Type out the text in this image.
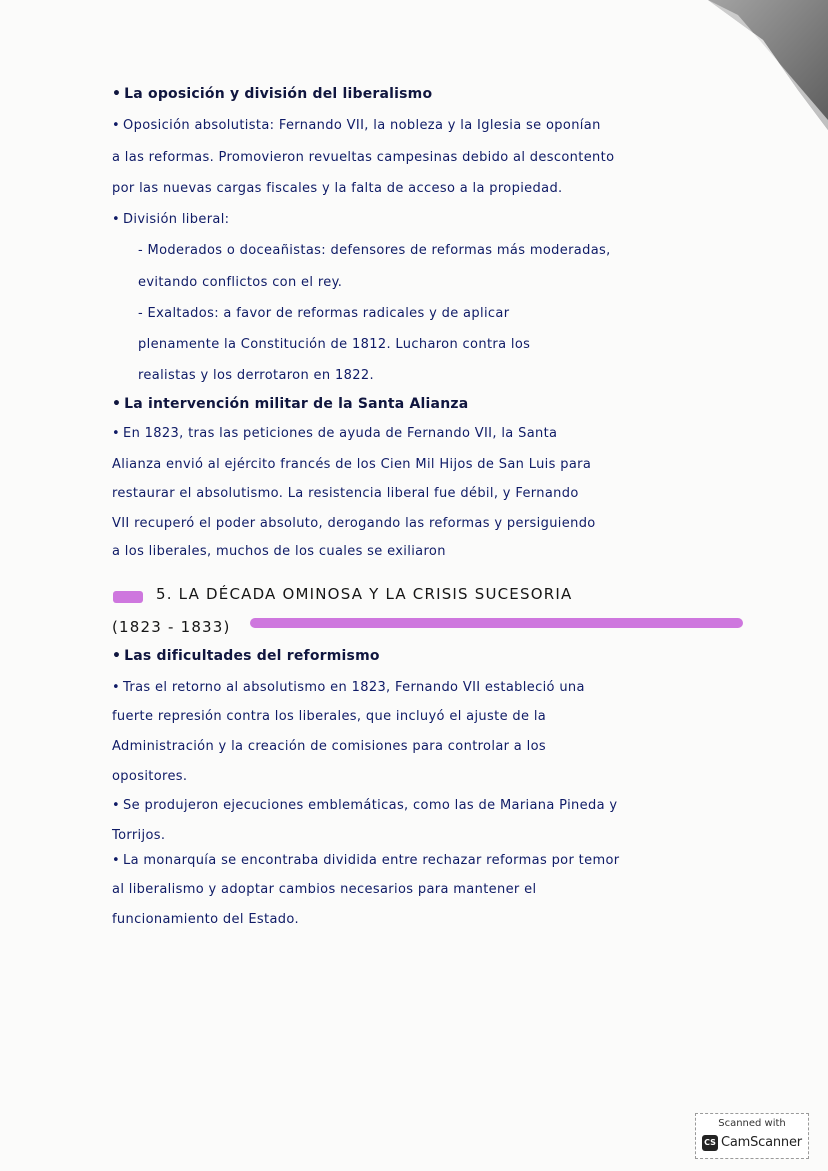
• La oposición y división del liberalismo
• Oposición absolutista: Fernando VII, la nobleza y la Iglesia se oponían
a las reformas. Promovieron revueltas campesinas debido al descontento
por las nuevas cargas fiscales y la falta de acceso a la propiedad.
• División liberal:
- Moderados o doceañistas: defensores de reformas más moderadas,
evitando conflictos con el rey.
- Exaltados: a favor de reformas radicales y de aplicar
plenamente la Constitución de 1812. Lucharon contra los
realistas y los derrotaron en 1822.
• La intervención militar de la Santa Alianza
• En 1823, tras las peticiones de ayuda de Fernando VII, la Santa
Alianza envió al ejército francés de los Cien Mil Hijos de San Luis para
restaurar el absolutismo. La resistencia liberal fue débil, y Fernando
VII recuperó el poder absoluto, derogando las reformas y persiguiendo
a los liberales, muchos de los cuales se exiliaron
5. LA DÉCADA OMINOSA Y LA CRISIS SUCESORIA
(1823 - 1833)
• Las dificultades del reformismo
• Tras el retorno al absolutismo en 1823, Fernando VII estableció una
fuerte represión contra los liberales, que incluyó el ajuste de la
Administración y la creación de comisiones para controlar a los
opositores.
• Se produjeron ejecuciones emblemáticas, como las de Mariana Pineda y
Torrijos.
• La monarquía se encontraba dividida entre rechazar reformas por temor
al liberalismo y adoptar cambios necesarios para mantener el
funcionamiento del Estado.
Scanned with
CS CamScanner
